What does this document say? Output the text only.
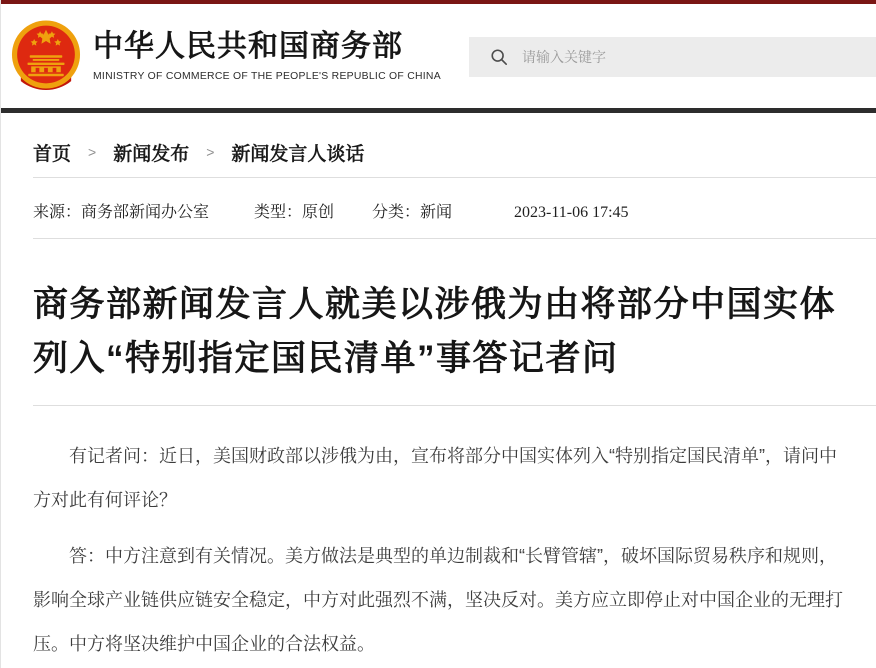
中华人民共和国商务部
MINISTRY OF COMMERCE OF THE PEOPLE'S REPUBLIC OF CHINA
请输入关键字
首页 > 新闻发布 > 新闻发言人谈话
来源：商务部新闻办公室	类型：原创 分类：新闻	2023-11-06 17:45
商务部新闻发言人就美以涉俄为由将部分中国实体列入“特别指定国民清单”事答记者问

有记者问：近日，美国财政部以涉俄为由，宣布将部分中国实体列入“特别指定国民清单”，请问中方对此有何评论？

答：中方注意到有关情况。美方做法是典型的单边制裁和“长臂管辖”，破坏国际贸易秩序和规则，影响全球产业链供应链安全稳定，中方对此强烈不满，坚决反对。美方应立即停止对中国企业的无理打压。中方将坚决维护中国企业的合法权益。
